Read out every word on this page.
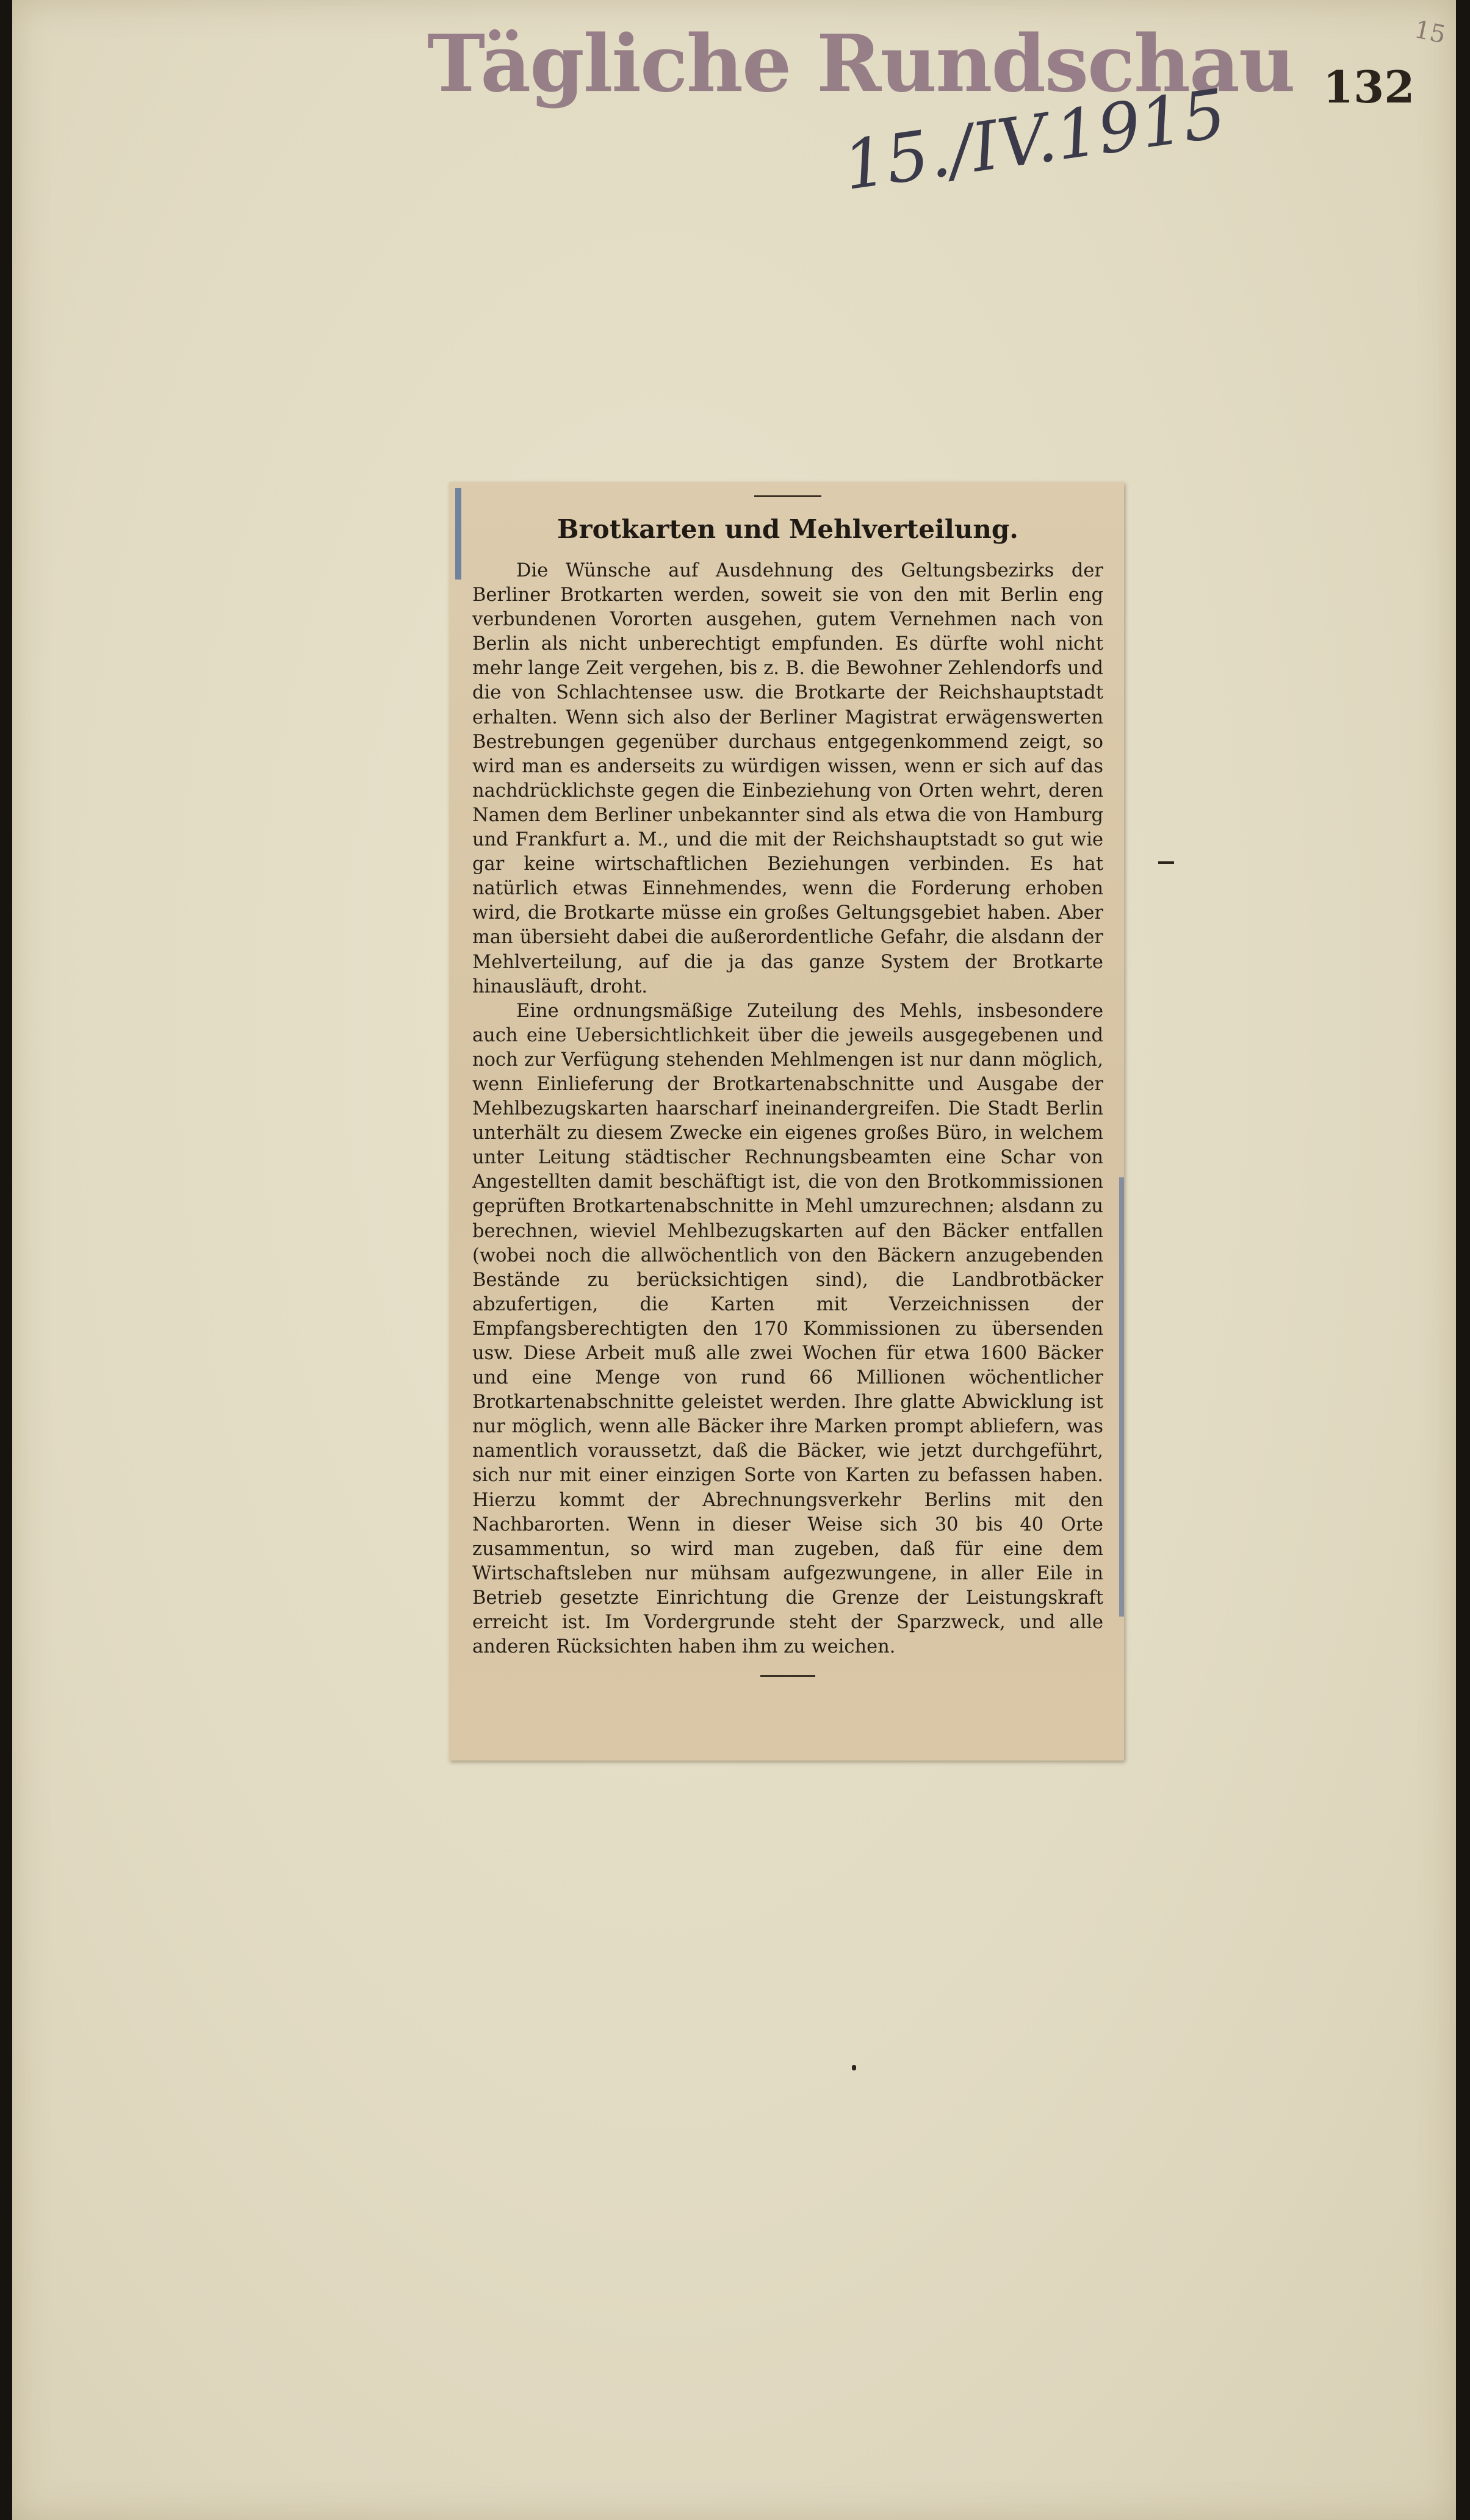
Tägliche Rundschau 132
15
15./IV.1915
Brotkarten und Mehlverteilung.

Die Wünsche auf Ausdehnung des Geltungsbezirks der Berliner Brotkarten werden, soweit sie von den mit Berlin eng verbundenen Vororten ausgehen, gutem Vernehmen nach von Berlin als nicht unberechtigt empfunden. Es dürfte wohl nicht mehr lange Zeit vergehen, bis z. B. die Bewohner Zehlendorfs und die von Schlachtensee usw. die Brotkarte der Reichshauptstadt erhalten. Wenn sich also der Berliner Magistrat erwägenswerten Bestrebungen gegenüber durchaus entgegenkommend zeigt, so wird man es anderseits zu würdigen wissen, wenn er sich auf das nachdrücklichste gegen die Einbeziehung von Orten wehrt, deren Namen dem Berliner unbekannter sind als etwa die von Hamburg und Frankfurt a. M., und die mit der Reichshauptstadt so gut wie gar keine wirtschaftlichen Beziehungen verbinden. Es hat natürlich etwas Einnehmendes, wenn die Forderung erhoben wird, die Brotkarte müsse ein großes Geltungsgebiet haben. Aber man übersieht dabei die außerordentliche Gefahr, die alsdann der Mehlverteilung, auf die ja das ganze System der Brotkarte hinausläuft, droht.

Eine ordnungsmäßige Zuteilung des Mehls, insbesondere auch eine Uebersichtlichkeit über die jeweils ausgegebenen und noch zur Verfügung stehenden Mehlmengen ist nur dann möglich, wenn Einlieferung der Brotkartenabschnitte und Ausgabe der Mehlbezugskarten haarscharf ineinandergreifen. Die Stadt Berlin unterhält zu diesem Zwecke ein eigenes großes Büro, in welchem unter Leitung städtischer Rechnungsbeamten eine Schar von Angestellten damit beschäftigt ist, die von den Brotkommissionen geprüften Brotkartenabschnitte in Mehl umzurechnen; alsdann zu berechnen, wieviel Mehlbezugskarten auf den Bäcker entfallen (wobei noch die allwöchentlich von den Bäckern anzugebenden Bestände zu berücksichtigen sind), die Landbrotbäcker abzufertigen, die Karten mit Verzeichnissen der Empfangsberechtigten den 170 Kommissionen zu übersenden usw. Diese Arbeit muß alle zwei Wochen für etwa 1600 Bäcker und eine Menge von rund 66 Millionen wöchentlicher Brotkartenabschnitte geleistet werden. Ihre glatte Abwicklung ist nur möglich, wenn alle Bäcker ihre Marken prompt abliefern, was namentlich voraussetzt, daß die Bäcker, wie jetzt durchgeführt, sich nur mit einer einzigen Sorte von Karten zu befassen haben. Hierzu kommt der Abrechnungsverkehr Berlins mit den Nachbarorten. Wenn in dieser Weise sich 30 bis 40 Orte zusammentun, so wird man zugeben, daß für eine dem Wirtschaftsleben nur mühsam aufgezwungene, in aller Eile in Betrieb gesetzte Einrichtung die Grenze der Leistungskraft erreicht ist. Im Vordergrunde steht der Sparzweck, und alle anderen Rücksichten haben ihm zu weichen.
